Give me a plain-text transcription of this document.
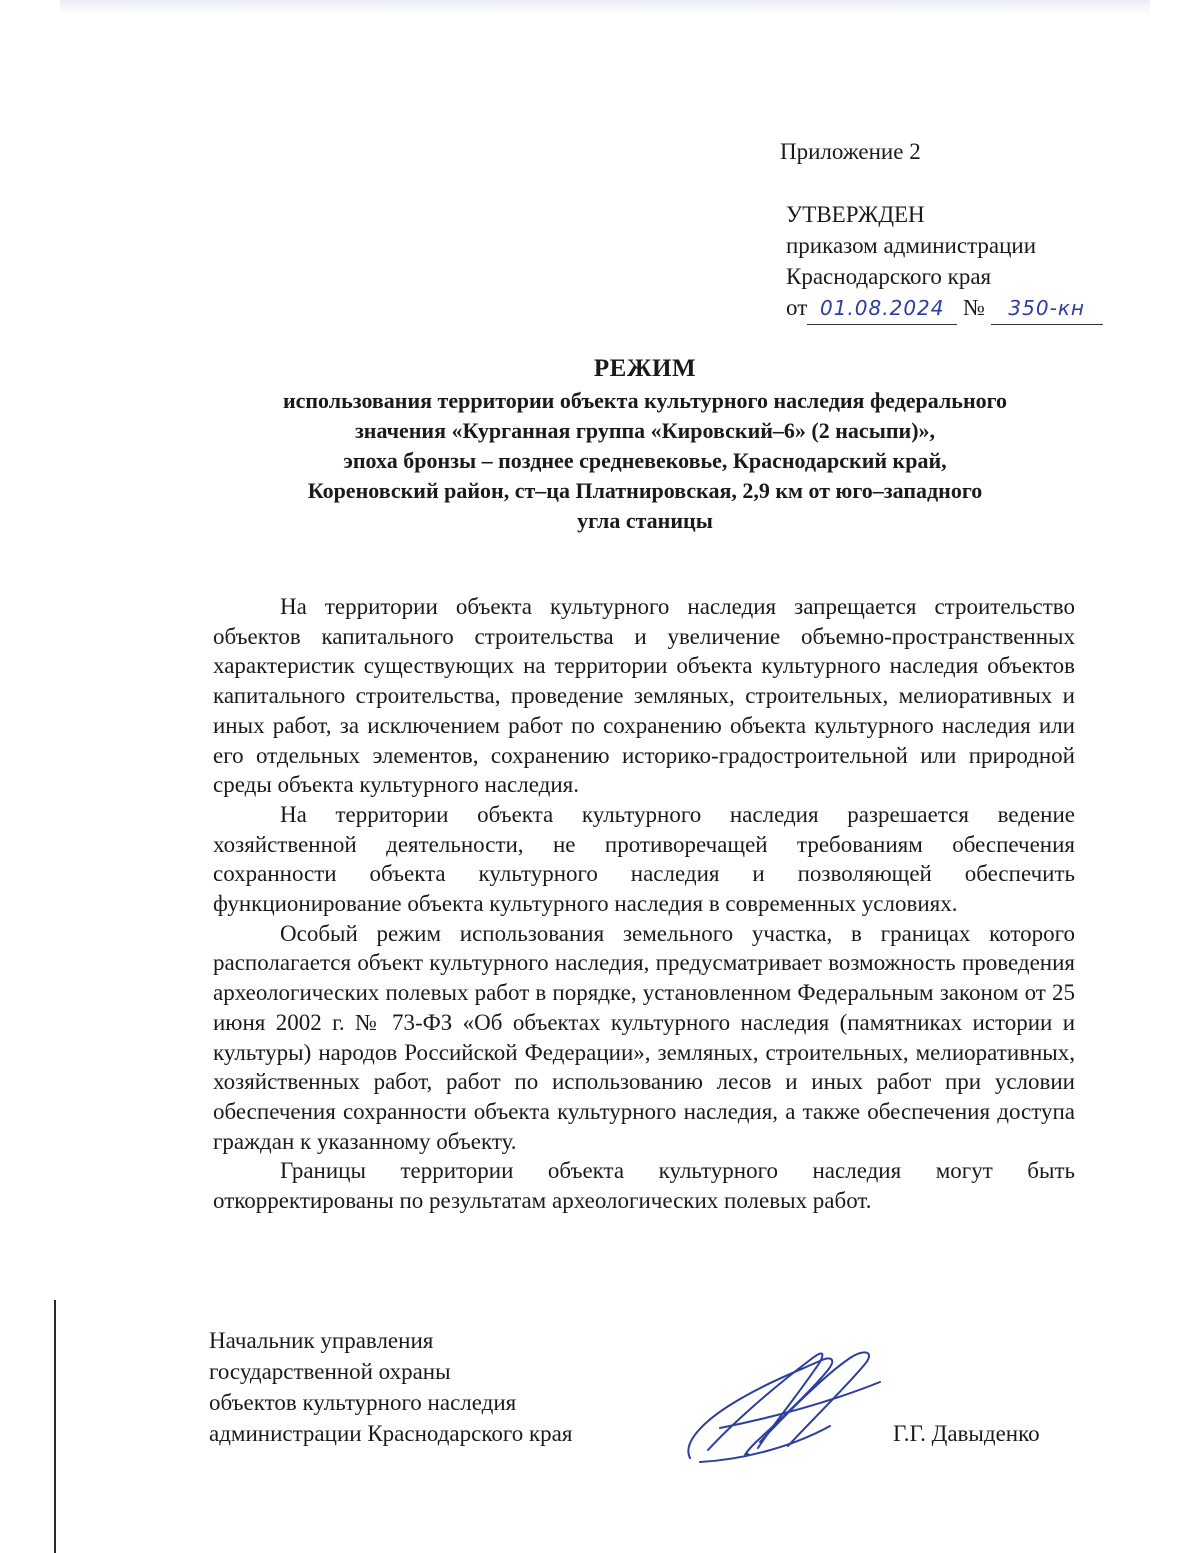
Приложение 2
УТВЕРЖДЕН
приказом администрации
Краснодарского края
от 01.08.2024 № 350-кн
РЕЖИМ
использования территории объекта культурного наследия федерального
значения «Курганная группа «Кировский–6» (2 насыпи)»,
эпоха бронзы – позднее средневековье, Краснодарский край,
Кореновский район, ст–ца Платнировская, 2,9 км от юго–западного
угла станицы

На территории объекта культурного наследия запрещается строительство объектов капитального строительства и увеличение объемно-пространственных характеристик существующих на территории объекта культурного наследия объектов капитального строительства, проведение земляных, строительных, мелиоративных и иных работ, за исключением работ по сохранению объекта культурного наследия или его отдельных элементов, сохранению историко-градостроительной или природной среды объекта культурного наследия.

На территории объекта культурного наследия разрешается ведение хозяйственной деятельности, не противоречащей требованиям обеспечения сохранности объекта культурного наследия и позволяющей обеспечить функционирование объекта культурного наследия в современных условиях.

Особый режим использования земельного участка, в границах которого располагается объект культурного наследия, предусматривает возможность проведения археологических полевых работ в порядке, установленном Федеральным законом от 25 июня 2002 г. № 73-ФЗ «Об объектах культурного наследия (памятниках истории и культуры) народов Российской Федерации», земляных, строительных, мелиоративных, хозяйственных работ, работ по использованию лесов и иных работ при условии обеспечения сохранности объекта культурного наследия, а также обеспечения доступа граждан к указанному объекту.

Границы территории объекта культурного наследия могут быть откорректированы по результатам археологических полевых работ.

Начальник управления
государственной охраны
объектов культурного наследия
администрации Краснодарского края	Г.Г. Давыденко
